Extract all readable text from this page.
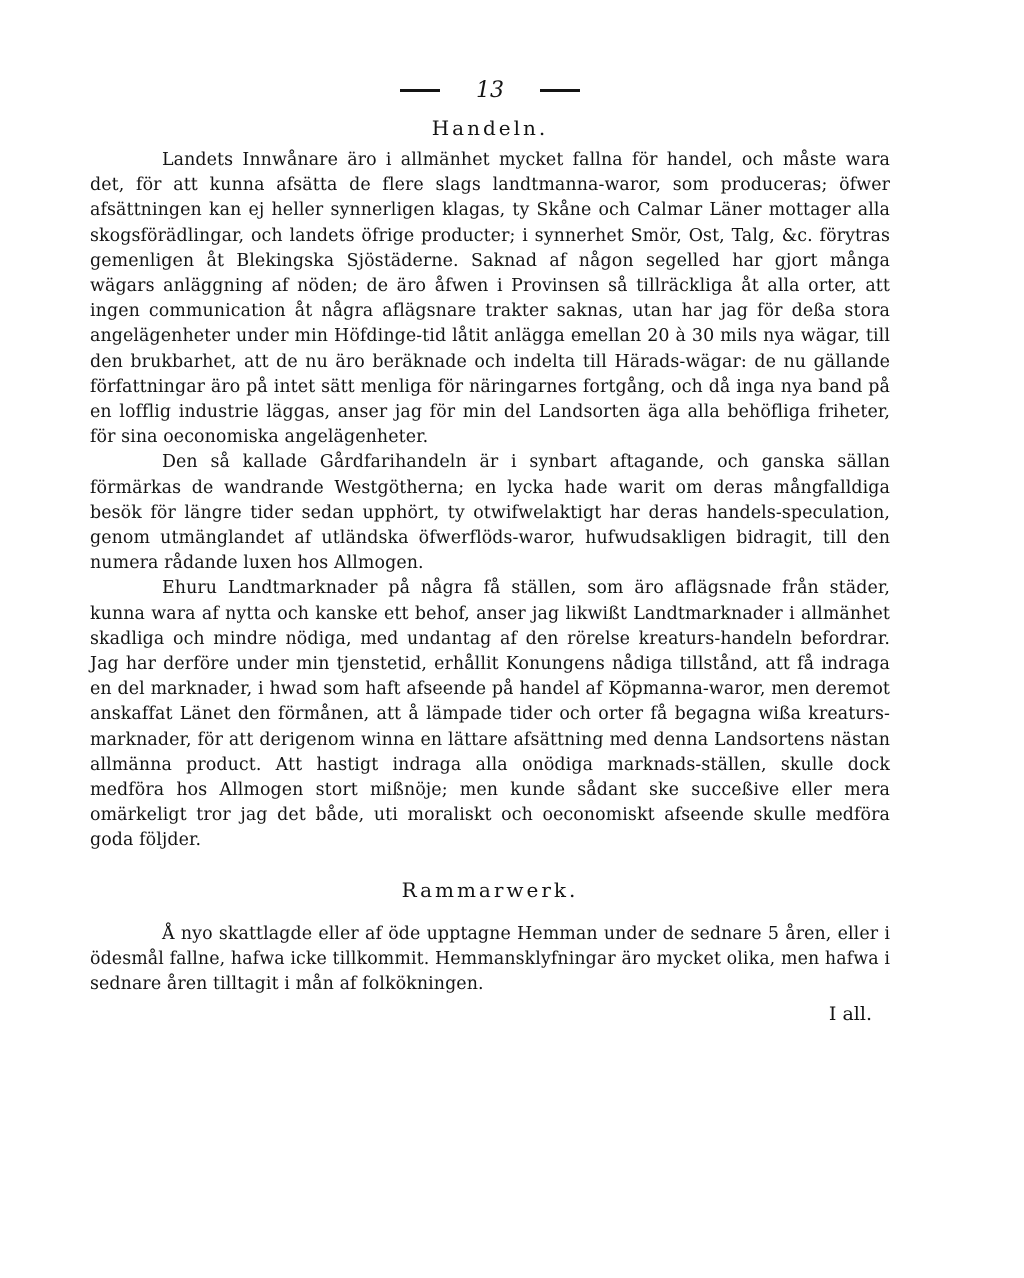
13
Handeln.

Landets Innwånare äro i allmänhet mycket fallna för handel, och måste wara det, för att kunna afsätta de flere slags landtmanna-waror, som produceras; öfwer afsättningen kan ej heller synnerligen klagas, ty Skåne och Calmar Läner mottager alla skogsförädlingar, och landets öfrige producter; i synnerhet Smör, Ost, Talg, &c. förytras gemenligen åt Blekingska Sjöstäderne. Saknad af någon segelled har gjort många wägars anläggning af nöden; de äro åfwen i Provinsen så tillräckliga åt alla orter, att ingen communication åt några aflägsnare trakter saknas, utan har jag för deßa stora angelägenheter under min Höfdinge-tid låtit anlägga emellan 20 à 30 mils nya wägar, till den brukbarhet, att de nu äro beräknade och indelta till Härads-wägar: de nu gällande författningar äro på intet sätt menliga för näringarnes fortgång, och då inga nya band på en lofflig industrie läggas, anser jag för min del Landsorten äga alla behöfliga friheter, för sina oeconomiska angelägenheter.

Den så kallade Gårdfarihandeln är i synbart aftagande, och ganska sällan förmärkas de wandrande Westgötherna; en lycka hade warit om deras mångfalldiga besök för längre tider sedan upphört, ty otwifwelaktigt har deras handels-speculation, genom utmänglandet af utländska öfwerflöds-waror, hufwudsakligen bidragit, till den numera rådande luxen hos Allmogen.

Ehuru Landtmarknader på några få ställen, som äro aflägsnade från städer, kunna wara af nytta och kanske ett behof, anser jag likwißt Landtmarknader i allmänhet skadliga och mindre nödiga, med undantag af den rörelse kreaturs-handeln befordrar. Jag har derföre under min tjenstetid, erhållit Konungens nådiga tillstånd, att få indraga en del marknader, i hwad som haft afseende på handel af Köpmanna-waror, men deremot anskaffat Länet den förmånen, att å lämpade tider och orter få begagna wißa kreaturs-marknader, för att derigenom winna en lättare afsättning med denna Landsortens nästan allmänna product. Att hastigt indraga alla onödiga marknads-ställen, skulle dock medföra hos Allmogen stort mißnöje; men kunde sådant ske succeßive eller mera omärkeligt tror jag det både, uti moraliskt och oeconomiskt afseende skulle medföra goda följder.

Rammarwerk.

Å nyo skattlagde eller af öde upptagne Hemman under de sednare 5 åren, eller i ödesmål fallne, hafwa icke tillkommit. Hemmansklyfningar äro mycket olika, men hafwa i sednare åren tilltagit i mån af folkökningen.

I all.
